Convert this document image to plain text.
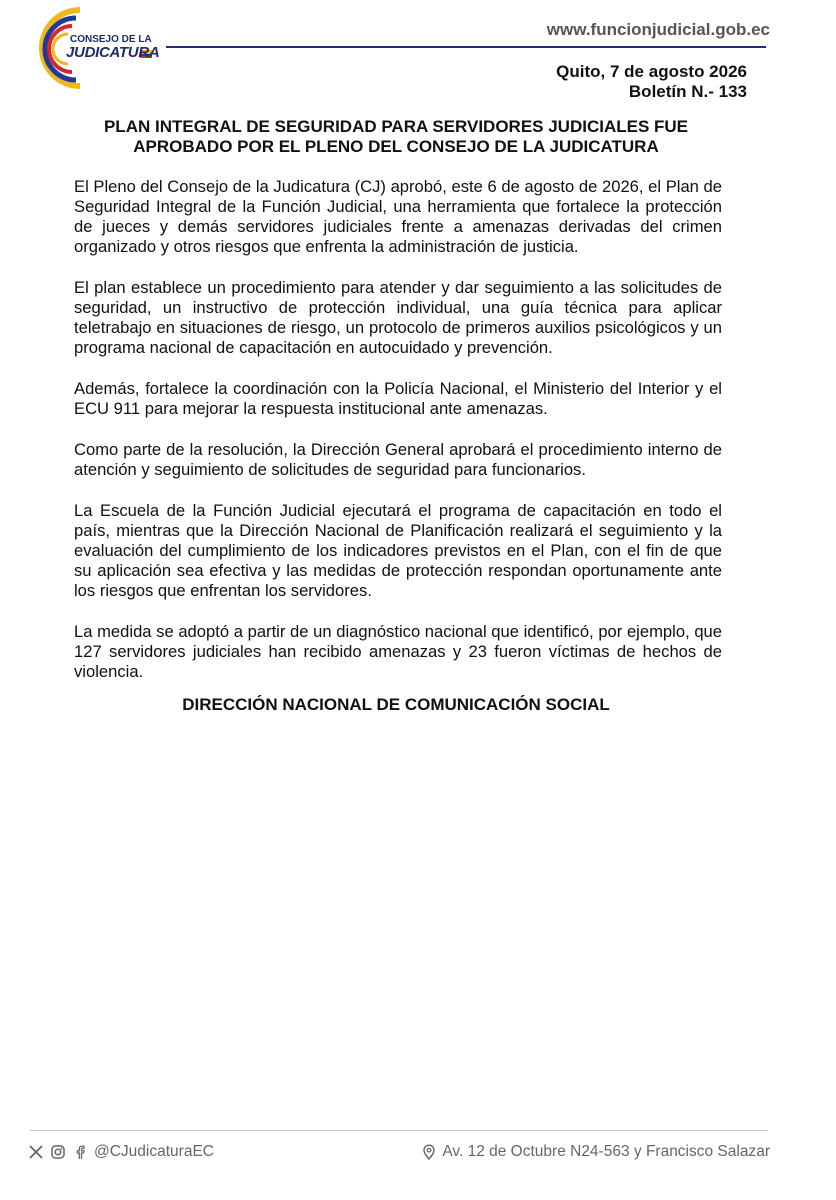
CONSEJO DE LA
JUDICATURA
www.funcionjudicial.gob.ec
Quito, 7 de agosto 2026
Boletín N.- 133
PLAN INTEGRAL DE SEGURIDAD PARA SERVIDORES JUDICIALES FUE
APROBADO POR EL PLENO DEL CONSEJO DE LA JUDICATURA

El Pleno del Consejo de la Judicatura (CJ) aprobó, este 6 de agosto de 2026, el Plan de Seguridad Integral de la Función Judicial, una herramienta que fortalece la protección de jueces y demás servidores judiciales frente a amenazas derivadas del crimen organizado y otros riesgos que enfrenta la administración de justicia.

El plan establece un procedimiento para atender y dar seguimiento a las solicitudes de seguridad, un instructivo de protección individual, una guía técnica para aplicar teletrabajo en situaciones de riesgo, un protocolo de primeros auxilios psicológicos y un programa nacional de capacitación en autocuidado y prevención.

Además, fortalece la coordinación con la Policía Nacional, el Ministerio del Interior y el ECU 911 para mejorar la respuesta institucional ante amenazas.

Como parte de la resolución, la Dirección General aprobará el procedimiento interno de atención y seguimiento de solicitudes de seguridad para funcionarios.

La Escuela de la Función Judicial ejecutará el programa de capacitación en todo el país, mientras que la Dirección Nacional de Planificación realizará el seguimiento y la evaluación del cumplimiento de los indicadores previstos en el Plan, con el fin de que su aplicación sea efectiva y las medidas de protección respondan oportunamente ante los riesgos que enfrentan los servidores.

La medida se adoptó a partir de un diagnóstico nacional que identificó, por ejemplo, que 127 servidores judiciales han recibido amenazas y 23 fueron víctimas de hechos de violencia.

DIRECCIÓN NACIONAL DE COMUNICACIÓN SOCIAL
@CJudicaturaEC	Av. 12 de Octubre N24-563 y Francisco Salazar
